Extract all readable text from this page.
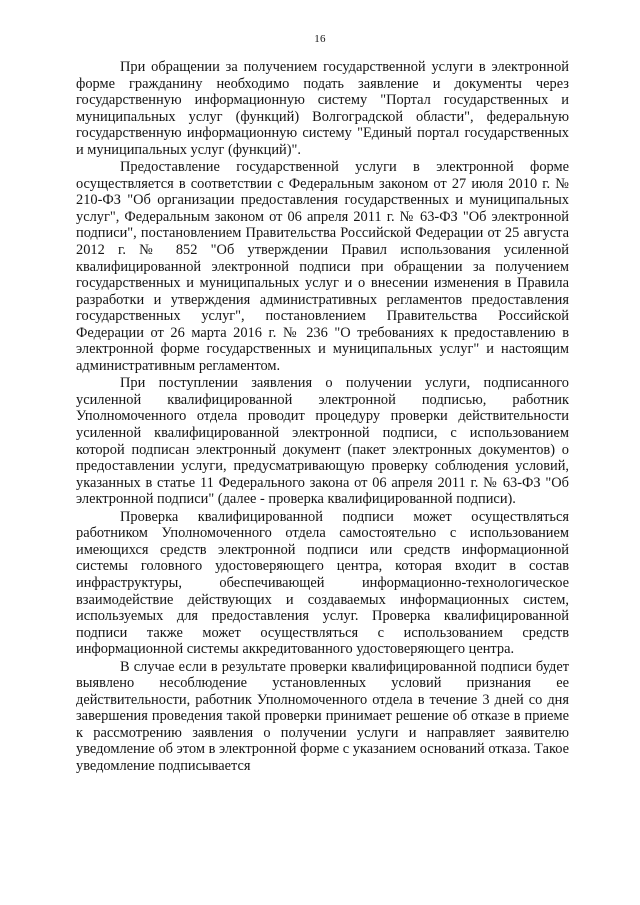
16

При обращении за получением государственной услуги в электронной форме гражданину необходимо подать заявление и документы через государственную информационную систему "Портал государственных и муниципальных услуг (функций) Волгоградской области", федеральную государственную информационную систему "Единый портал государственных и муниципальных услуг (функций)".

Предоставление государственной услуги в электронной форме осуществляется в соответствии с Федеральным законом от 27 июля 2010 г. № 210-ФЗ "Об организации предоставления государственных и муниципальных услуг", Федеральным законом от 06 апреля 2011 г. № 63-ФЗ "Об электронной подписи", постановлением Правительства Российской Федерации от 25 августа 2012 г. № 852 "Об утверждении Правил использования усиленной квалифицированной электронной подписи при обращении за получением государственных и муниципальных услуг и о внесении изменения в Правила разработки и утверждения административных регламентов предоставления государственных услуг", постановлением Правительства Российской Федерации от 26 марта 2016 г. № 236 "О требованиях к предоставлению в электронной форме государственных и муниципальных услуг" и настоящим административным регламентом.

При поступлении заявления о получении услуги, подписанного усиленной квалифицированной электронной подписью, работник Уполномоченного отдела проводит процедуру проверки действительности усиленной квалифицированной электронной подписи, с использованием которой подписан электронный документ (пакет электронных документов) о предоставлении услуги, предусматривающую проверку соблюдения условий, указанных в статье 11 Федерального закона от 06 апреля 2011 г. № 63-ФЗ "Об электронной подписи" (далее - проверка квалифицированной подписи).

Проверка квалифицированной подписи может осуществляться работником Уполномоченного отдела самостоятельно с использованием имеющихся средств электронной подписи или средств информационной системы головного удостоверяющего центра, которая входит в состав инфраструктуры, обеспечивающей информационно-технологическое взаимодействие действующих и создаваемых информационных систем, используемых для предоставления услуг. Проверка квалифицированной подписи также может осуществляться с использованием средств информационной системы аккредитованного удостоверяющего центра.

В случае если в результате проверки квалифицированной подписи будет выявлено несоблюдение установленных условий признания ее действительности, работник Уполномоченного отдела в течение 3 дней со дня завершения проведения такой проверки принимает решение об отказе в приеме к рассмотрению заявления о получении услуги и направляет заявителю уведомление об этом в электронной форме с указанием оснований отказа. Такое уведомление подписывается
